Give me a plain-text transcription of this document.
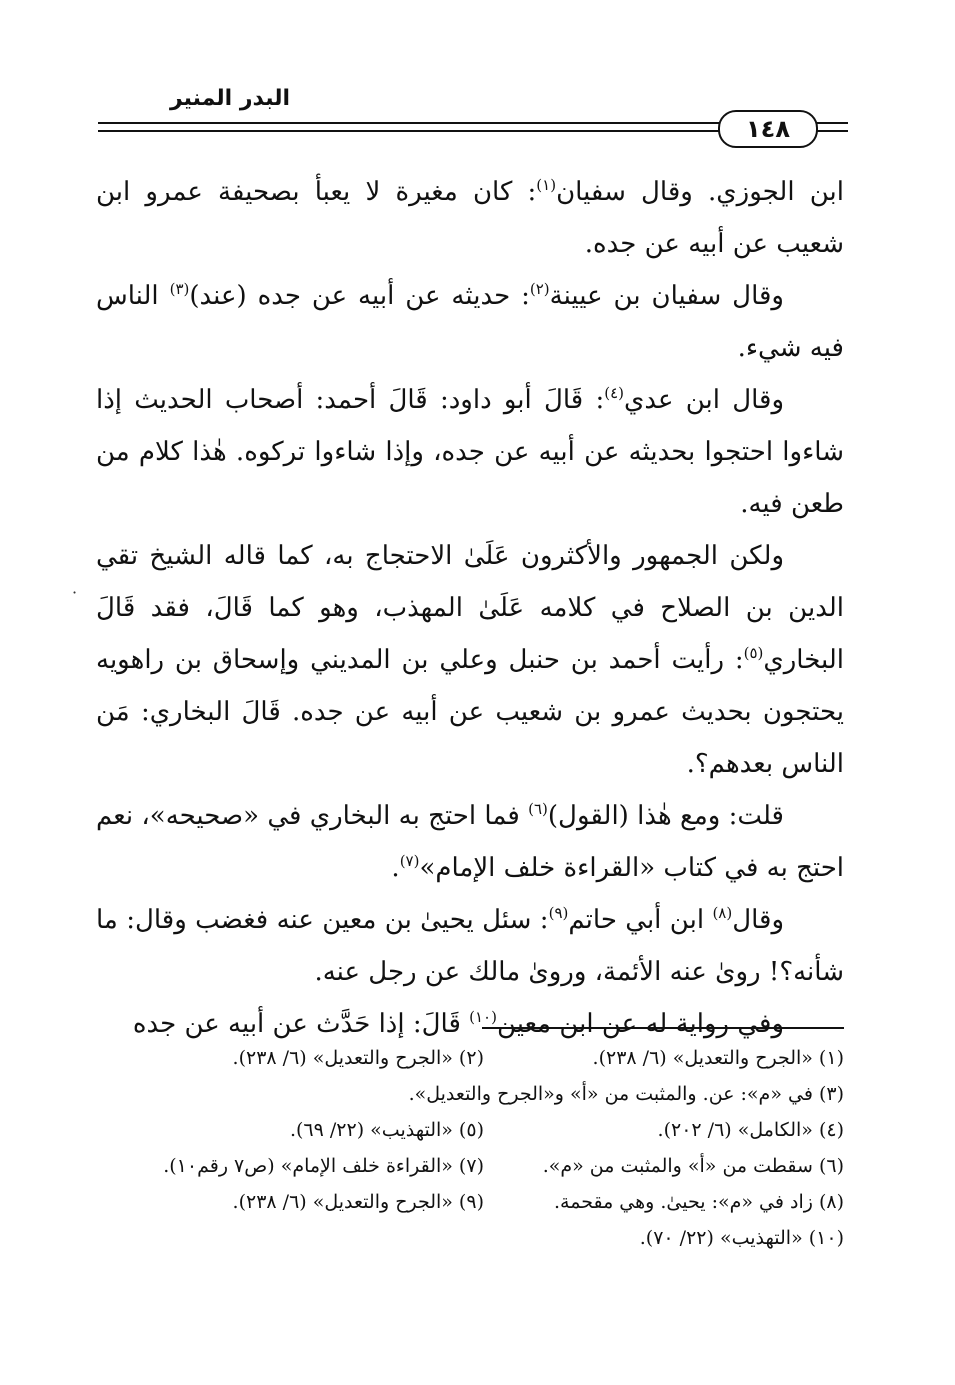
البدر المنير
١٤٨

ابن الجوزي. وقال سفيان$^{(١)}$: كان مغيرة لا يعبأ بصحيفة عمرو ابن شعيب عن أبيه عن جده.

وقال سفيان بن عيينة$^{(٢)}$: حديثه عن أبيه عن جده (عند)$^{(٣)}$ الناس فيه شيء.

وقال ابن عدي$^{(٤)}$: قَالَ أبو داود: قَالَ أحمد: أصحاب الحديث إذا شاءوا احتجوا بحديثه عن أبيه عن جده، وإذا شاءوا تركوه. هٰذا كلام من طعن فيه.

ولكن الجمهور والأكثرون عَلَىٰ الاحتجاج به، كما قاله الشيخ تقي الدين بن الصلاح في كلامه عَلَىٰ المهذب، وهو كما قَالَ، فقد قَالَ البخاري$^{(٥)}$: رأيت أحمد بن حنبل وعلي بن المديني وإسحاق بن راهويه يحتجون بحديث عمرو بن شعيب عن أبيه عن جده. قَالَ البخاري: مَن الناس بعدهم؟.

قلت: ومع هٰذا (القول)$^{(٦)}$ فما احتج به البخاري في «صحيحه»، نعم احتج به في كتاب «القراءة خلف الإمام»$^{(٧)}$.

وقال$^{(٨)}$ ابن أبي حاتم$^{(٩)}$: سئل يحيىٰ بن معين عنه فغضب وقال: ما شأنه؟! روىٰ عنه الأئمة، وروىٰ مالك عن رجل عنه.

وفي رواية له عن ابن معين$^{(١٠)}$ قَالَ: إذا حَدَّث عن أبيه عن جده

·
(١) «الجرح والتعديل» (٦/ ٢٣٨).
(٢) «الجرح والتعديل» (٦/ ٢٣٨).
(٣) في «م»: عن. والمثبت من «أ» و«الجرح والتعديل».
(٤) «الكامل» (٦/ ٢٠٢).
(٥) «التهذيب» (٢٢/ ٦٩).
(٦) سقطت من «أ» والمثبت من «م».
(٧) «القراءة خلف الإمام» (ص٧ رقم١٠).
(٨) زاد في «م»: يحيىٰ. وهي مقحمة.
(٩) «الجرح والتعديل» (٦/ ٢٣٨).
(١٠) «التهذيب» (٢٢/ ٧٠).
